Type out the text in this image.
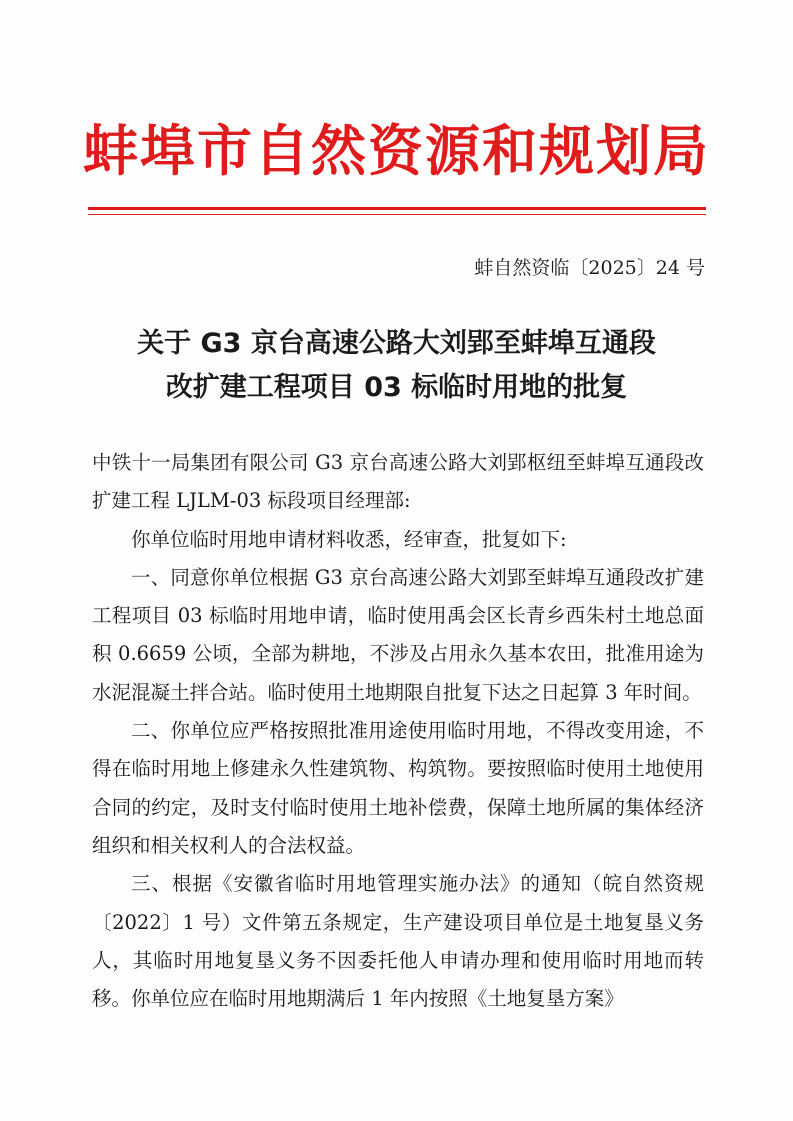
蚌埠市自然资源和规划局
蚌自然资临〔2025〕24 号
关于 G3 京台高速公路大刘郢至蚌埠互通段
改扩建工程项目 03 标临时用地的批复

中铁十一局集团有限公司 G3 京台高速公路大刘郢枢纽至蚌埠互通段改扩建工程 LJLM-03 标段项目经理部:

你单位临时用地申请材料收悉，经审查，批复如下:

一、同意你单位根据 G3 京台高速公路大刘郢至蚌埠互通段改扩建工程项目 03 标临时用地申请，临时使用禹会区长青乡西朱村土地总面积 0.6659 公顷，全部为耕地，不涉及占用永久基本农田，批准用途为水泥混凝土拌合站。临时使用土地期限自批复下达之日起算 3 年时间。

二、你单位应严格按照批准用途使用临时用地，不得改变用途，不得在临时用地上修建永久性建筑物、构筑物。要按照临时使用土地使用合同的约定，及时支付临时使用土地补偿费，保障土地所属的集体经济组织和相关权利人的合法权益。

三、根据《安徽省临时用地管理实施办法》的通知（皖自然资规〔2022〕1 号）文件第五条规定，生产建设项目单位是土地复垦义务人，其临时用地复垦义务不因委托他人申请办理和使用临时用地而转移。你单位应在临时用地期满后 1 年内按照《土地复垦方案》
